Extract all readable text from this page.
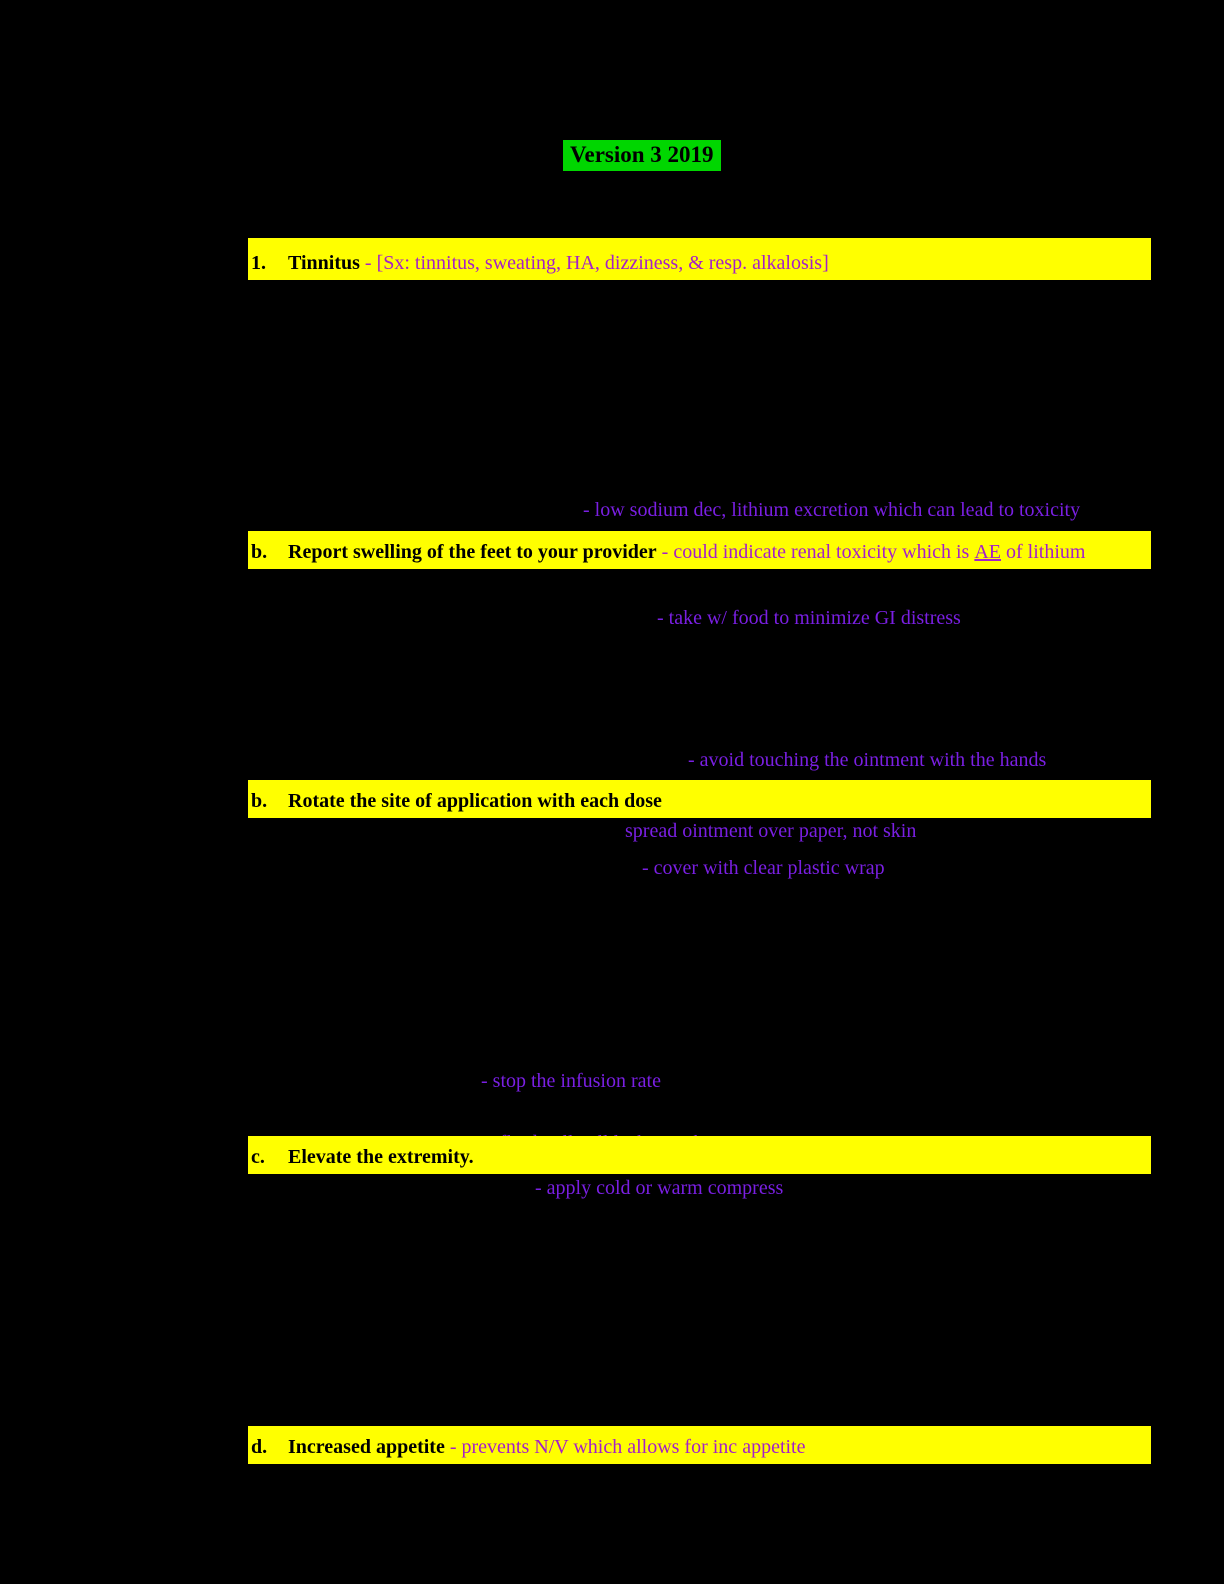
Version 3 2019
- low sodium dec, lithium excretion which can lead to toxicity
1.	Tinnitus - [Sx: tinnitus, sweating, HA, dizziness, & resp. alkalosis]
b.	Report swelling of the feet to your provider - could indicate renal toxicity which is AE of lithium
- take w/ food to minimize GI distress
- avoid touching the ointment with the hands
b.	Rotate the site of application with each dose
spread ointment over paper, not skin
- cover with clear plastic wrap
- stop the infusion rate

c.	Elevate the extremity.
- apply cold or warm compress
d.	Increased appetite - prevents N/V which allows for inc appetite
